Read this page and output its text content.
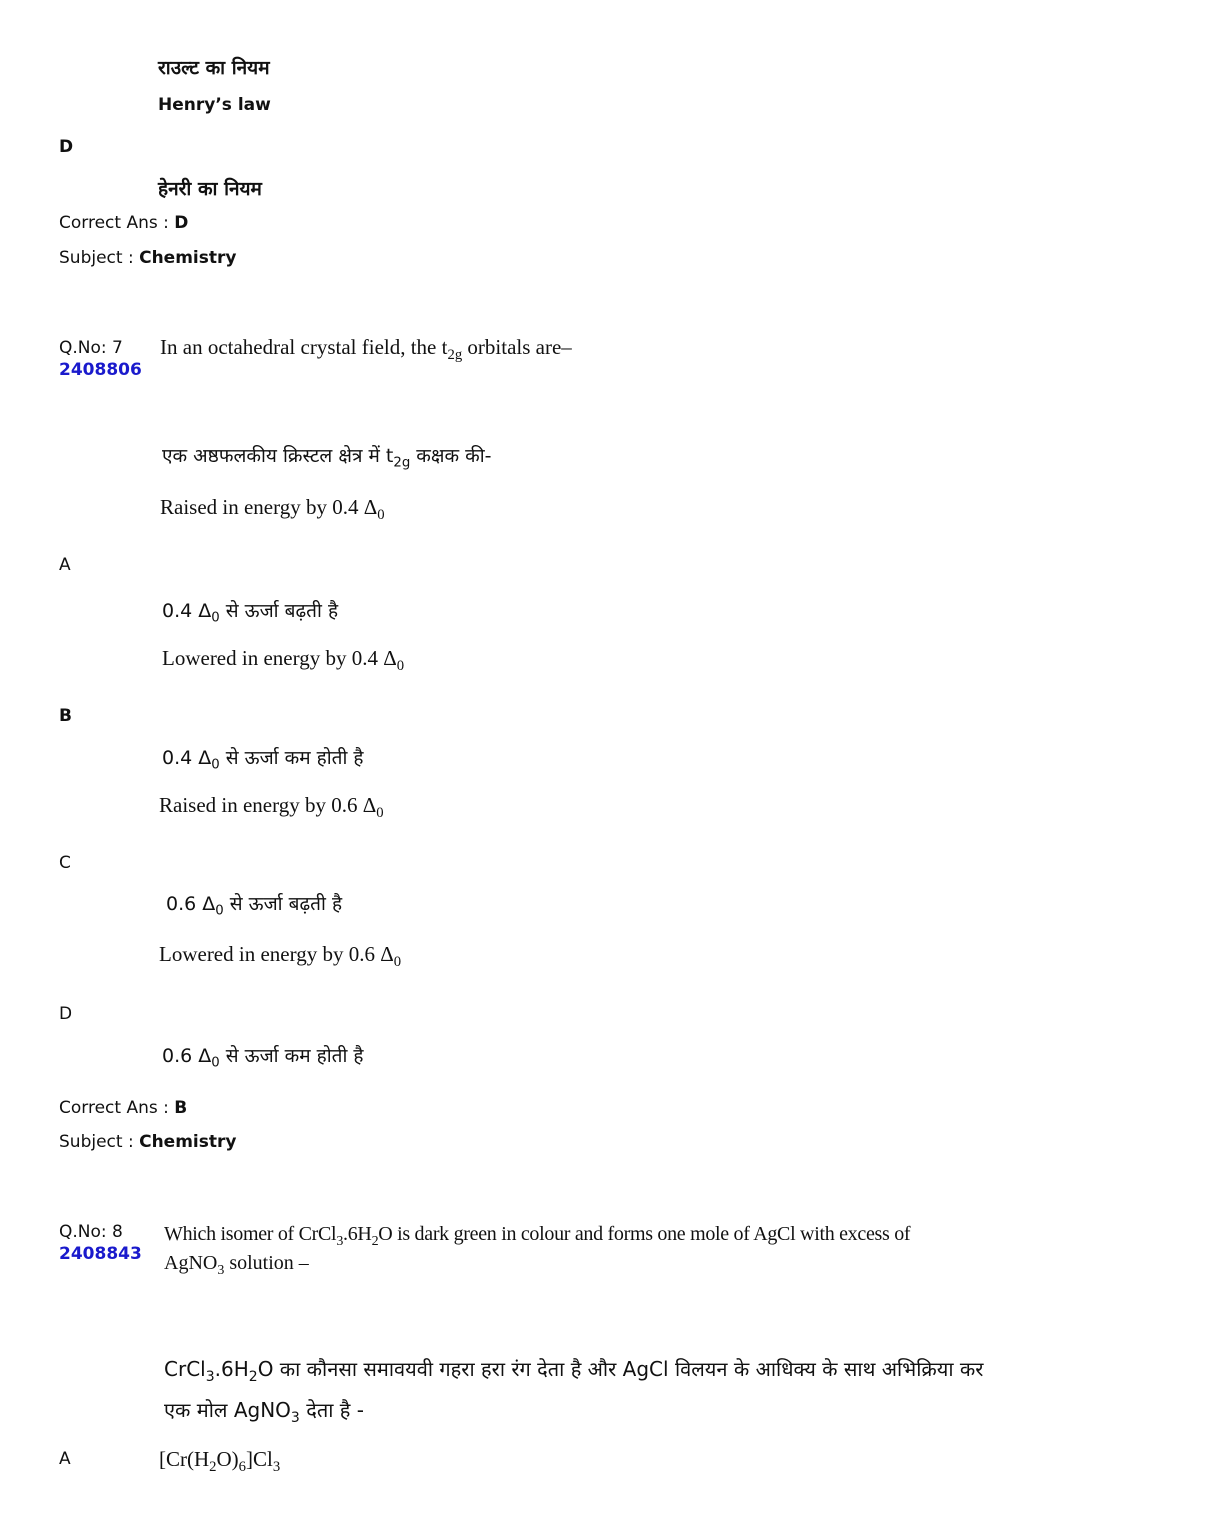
राउल्ट का नियम
Henry’s law
D
हेनरी का नियम
Correct Ans : D
Subject : Chemistry
Q.No: 7
2408806
In an octahedral crystal field, the $t_{2g}$ orbitals are–
एक अष्ठफलकीय क्रिस्टल क्षेत्र में $t_{2g}$ कक्षक की-
Raised in energy by 0.4 $\Delta_0$
A
0.4 $\Delta_0$ से ऊर्जा बढ़ती है
Lowered in energy by 0.4 $\Delta_0$
B
0.4 $\Delta_0$ से ऊर्जा कम होती है
Raised in energy by 0.6 $\Delta_0$
C
0.6 $\Delta_0$ से ऊर्जा बढ़ती है
Lowered in energy by 0.6 $\Delta_0$
D
0.6 $\Delta_0$ से ऊर्जा कम होती है
Correct Ans : B
Subject : Chemistry
Q.No: 8
2408843
Which isomer of $CrCl_3.6H_2O$ is dark green in colour and forms one mole of AgCl with excess of
AgNO$_3$ solution –
$CrCl_3.6H_2O$ का कौनसा समावयवी गहरा हरा रंग देता है और AgCl विलयन के आधिक्य के साथ अभिक्रिया कर
एक मोल AgNO$_3$ देता है -
A	$[Cr(H_2O)_6]Cl_3$
